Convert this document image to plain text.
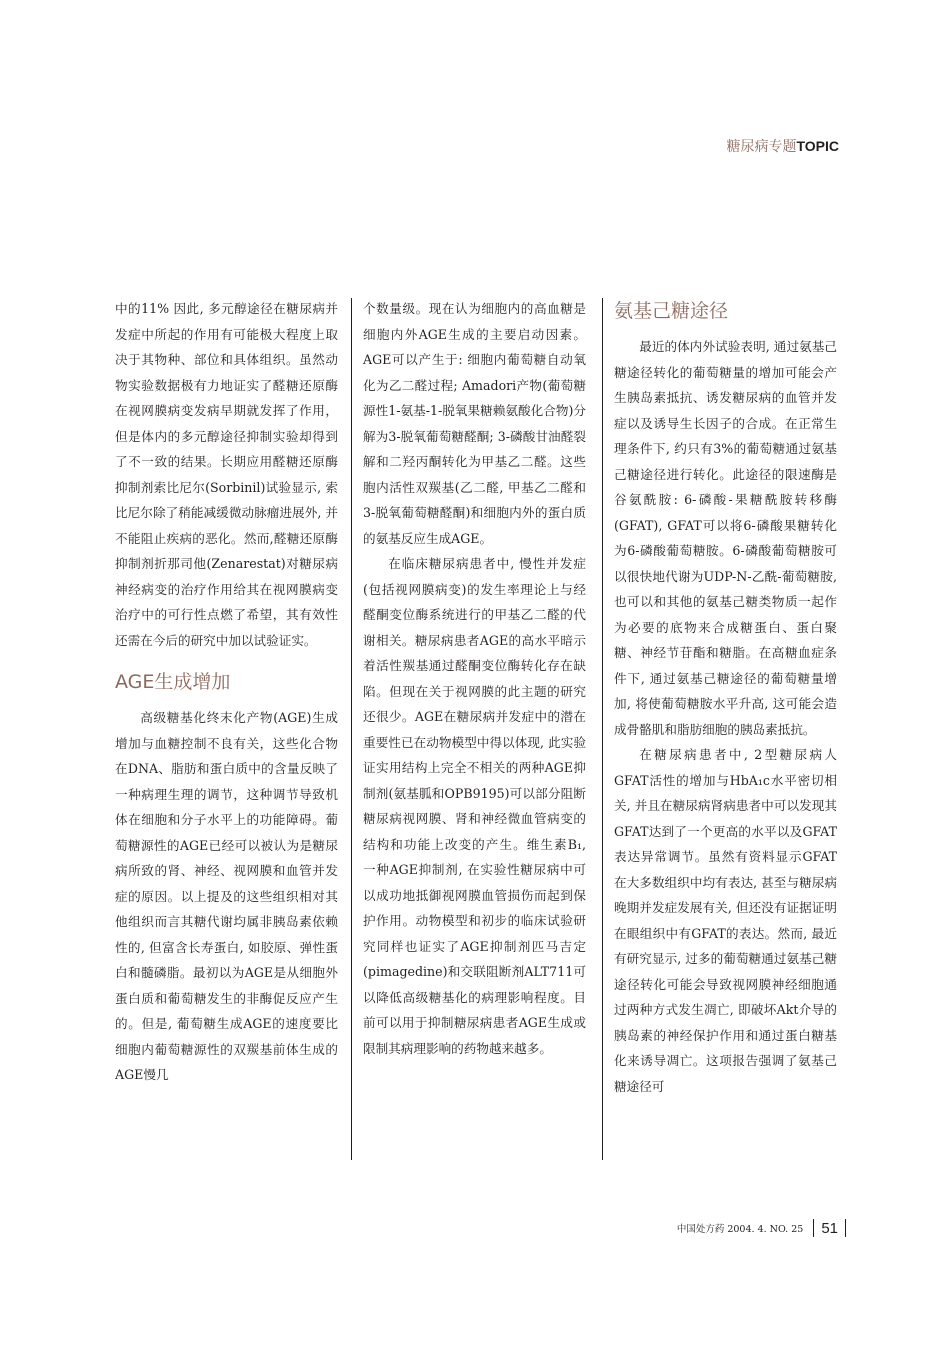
糖尿病专题TOPIC

中的11% 因此, 多元醇途径在糖尿病并发症中所起的作用有可能极大程度上取决于其物种、部位和具体组织。虽然动物实验数据极有力地证实了醛糖还原酶在视网膜病变发病早期就发挥了作用，但是体内的多元醇途径抑制实验却得到了不一致的结果。长期应用醛糖还原酶抑制剂索比尼尔(Sorbinil)试验显示, 索比尼尔除了稍能减缓微动脉瘤进展外, 并不能阻止疾病的恶化。然而,醛糖还原酶抑制剂折那司他(Zenarestat)对糖尿病神经病变的治疗作用给其在视网膜病变治疗中的可行性点燃了希望，其有效性还需在今后的研究中加以试验证实。

AGE生成增加

高级糖基化终末化产物(AGE)生成增加与血糖控制不良有关，这些化合物在DNA、脂肪和蛋白质中的含量反映了一种病理生理的调节，这种调节导致机体在细胞和分子水平上的功能障碍。葡萄糖源性的AGE已经可以被认为是糖尿病所致的肾、神经、视网膜和血管并发症的原因。以上提及的这些组织相对其他组织而言其糖代谢均属非胰岛素依赖性的, 但富含长寿蛋白, 如胶原、弹性蛋白和髓磷脂。最初以为AGE是从细胞外蛋白质和葡萄糖发生的非酶促反应产生的。但是, 葡萄糖生成AGE的速度要比细胞内葡萄糖源性的双羰基前体生成的AGE慢几

个数量级。现在认为细胞内的高血糖是细胞内外AGE生成的主要启动因素。AGE可以产生于: 细胞内葡萄糖自动氧化为乙二醛过程; Amadori产物(葡萄糖源性1-氨基-1-脱氧果糖赖氨酸化合物)分解为3-脱氧葡萄糖醛酮; 3-磷酸甘油醛裂解和二羟丙酮转化为甲基乙二醛。这些胞内活性双羰基(乙二醛, 甲基乙二醛和3-脱氧葡萄糖醛酮)和细胞内外的蛋白质的氨基反应生成AGE。

在临床糖尿病患者中, 慢性并发症(包括视网膜病变)的发生率理论上与经醛酮变位酶系统进行的甲基乙二醛的代谢相关。糖尿病患者AGE的高水平暗示着活性羰基通过醛酮变位酶转化存在缺陷。但现在关于视网膜的此主题的研究还很少。AGE在糖尿病并发症中的潜在重要性已在动物模型中得以体现, 此实验证实用结构上完全不相关的两种AGE抑制剂(氨基胍和OPB9195)可以部分阻断糖尿病视网膜、肾和神经微血管病变的结构和功能上改变的产生。维生素B₁, 一种AGE抑制剂, 在实验性糖尿病中可以成功地抵御视网膜血管损伤而起到保护作用。动物模型和初步的临床试验研究同样也证实了AGE抑制剂匹马吉定(pimagedine)和交联阻断剂ALT711可以降低高级糖基化的病理影响程度。目前可以用于抑制糖尿病患者AGE生成或限制其病理影响的药物越来越多。

氨基己糖途径

最近的体内外试验表明, 通过氨基己糖途径转化的葡萄糖量的增加可能会产生胰岛素抵抗、诱发糖尿病的血管并发症以及诱导生长因子的合成。在正常生理条件下, 约只有3%的葡萄糖通过氨基己糖途径进行转化。此途径的限速酶是谷氨酰胺: 6-磷酸-果糖酰胺转移酶(GFAT), GFAT可以将6-磷酸果糖转化为6-磷酸葡萄糖胺。6-磷酸葡萄糖胺可以很快地代谢为UDP-N-乙酰-葡萄糖胺, 也可以和其他的氨基己糖类物质一起作为必要的底物来合成糖蛋白、蛋白聚糖、神经节苷酯和糖脂。在高糖血症条件下, 通过氨基己糖途径的葡萄糖量增加, 将使葡萄糖胺水平升高, 这可能会造成骨骼肌和脂肪细胞的胰岛素抵抗。

在糖尿病患者中, 2型糖尿病人GFAT活性的增加与HbA₁c水平密切相关, 并且在糖尿病肾病患者中可以发现其GFAT达到了一个更高的水平以及GFAT表达异常调节。虽然有资料显示GFAT在大多数组织中均有表达, 甚至与糖尿病晚期并发症发展有关, 但还没有证据证明在眼组织中有GFAT的表达。然而, 最近有研究显示, 过多的葡萄糖通过氨基己糖途径转化可能会导致视网膜神经细胞通过两种方式发生凋亡, 即破坏Akt介导的胰岛素的神经保护作用和通过蛋白糖基化来诱导凋亡。这项报告强调了氨基己糖途径可

中国处方药 2004. 4. NO. 25	51
